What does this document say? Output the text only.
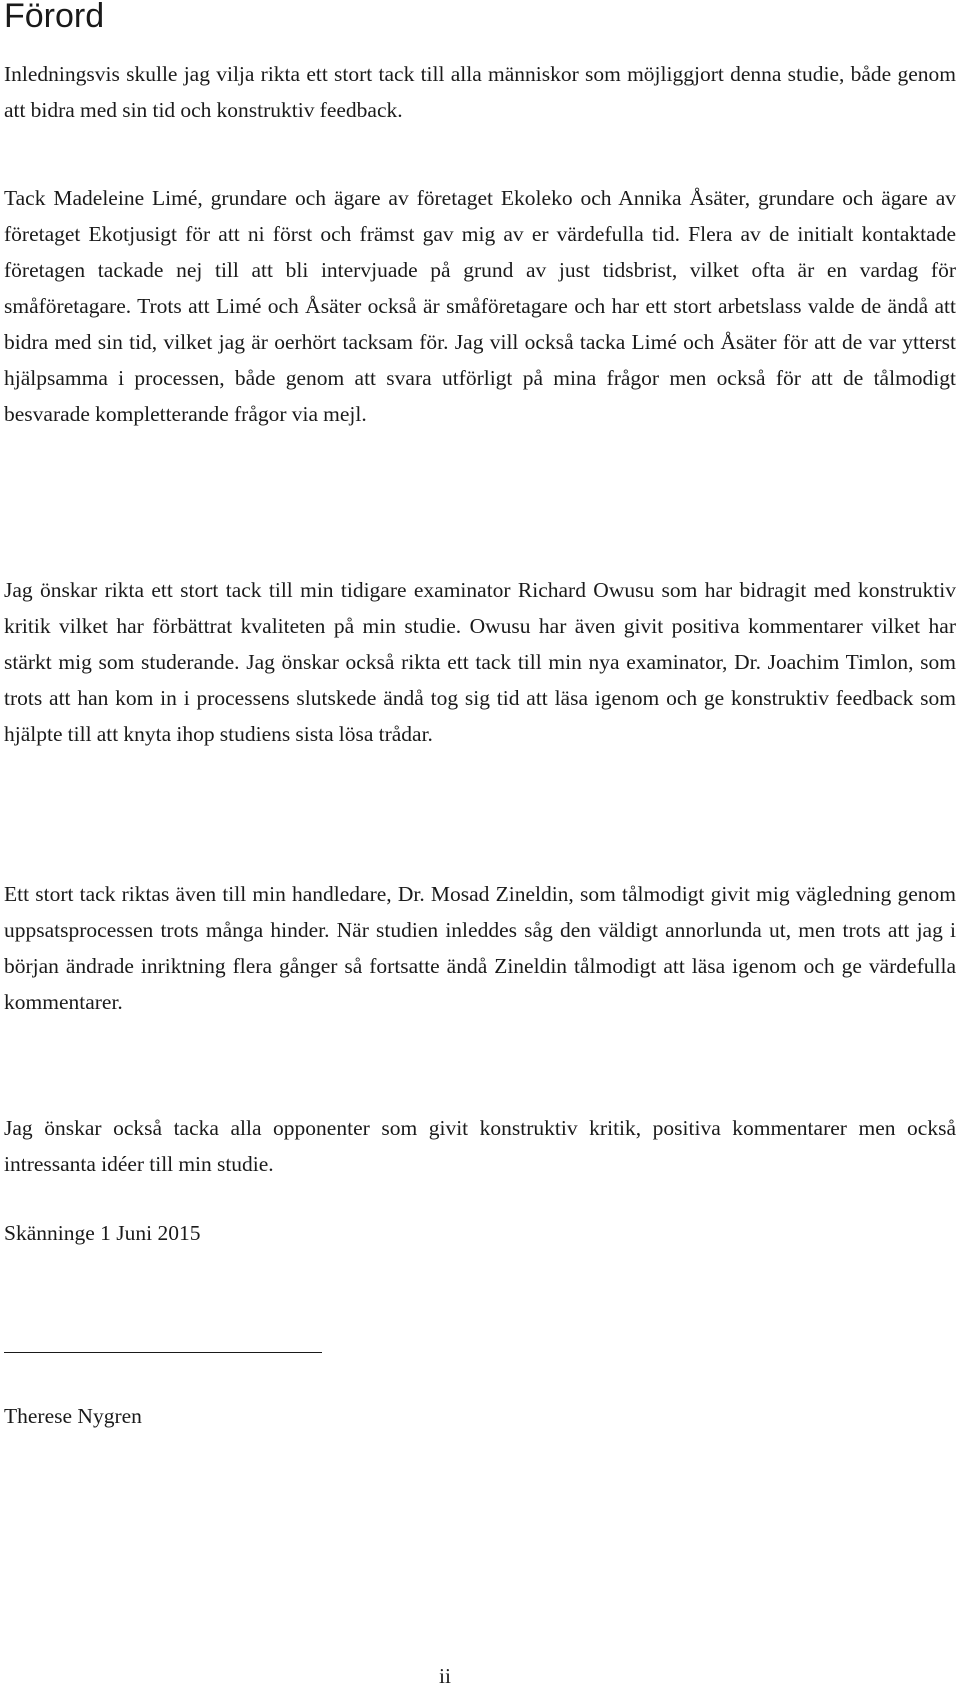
Förord

Inledningsvis skulle jag vilja rikta ett stort tack till alla människor som möjliggjort denna studie, både genom att bidra med sin tid och konstruktiv feedback.

Tack Madeleine Limé, grundare och ägare av företaget Ekoleko och Annika Åsäter, grundare och ägare av företaget Ekotjusigt för att ni först och främst gav mig av er värdefulla tid. Flera av de initialt kontaktade företagen tackade nej till att bli intervjuade på grund av just tidsbrist, vilket ofta är en vardag för småföretagare. Trots att Limé och Åsäter också är småföretagare och har ett stort arbetslass valde de ändå att bidra med sin tid, vilket jag är oerhört tacksam för. Jag vill också tacka Limé och Åsäter för att de var ytterst hjälpsamma i processen, både genom att svara utförligt på mina frågor men också för att de tålmodigt besvarade kompletterande frågor via mejl.

Jag önskar rikta ett stort tack till min tidigare examinator Richard Owusu som har bidragit med konstruktiv kritik vilket har förbättrat kvaliteten på min studie. Owusu har även givit positiva kommentarer vilket har stärkt mig som studerande. Jag önskar också rikta ett tack till min nya examinator, Dr. Joachim Timlon, som trots att han kom in i processens slutskede ändå tog sig tid att läsa igenom och ge konstruktiv feedback som hjälpte till att knyta ihop studiens sista lösa trådar.

Ett stort tack riktas även till min handledare, Dr. Mosad Zineldin, som tålmodigt givit mig vägledning genom uppsatsprocessen trots många hinder. När studien inleddes såg den väldigt annorlunda ut, men trots att jag i början ändrade inriktning flera gånger så fortsatte ändå Zineldin tålmodigt att läsa igenom och ge värdefulla kommentarer.

Jag önskar också tacka alla opponenter som givit konstruktiv kritik, positiva kommentarer men också intressanta idéer till min studie.

Skänninge 1 Juni 2015

Therese Nygren

ii
